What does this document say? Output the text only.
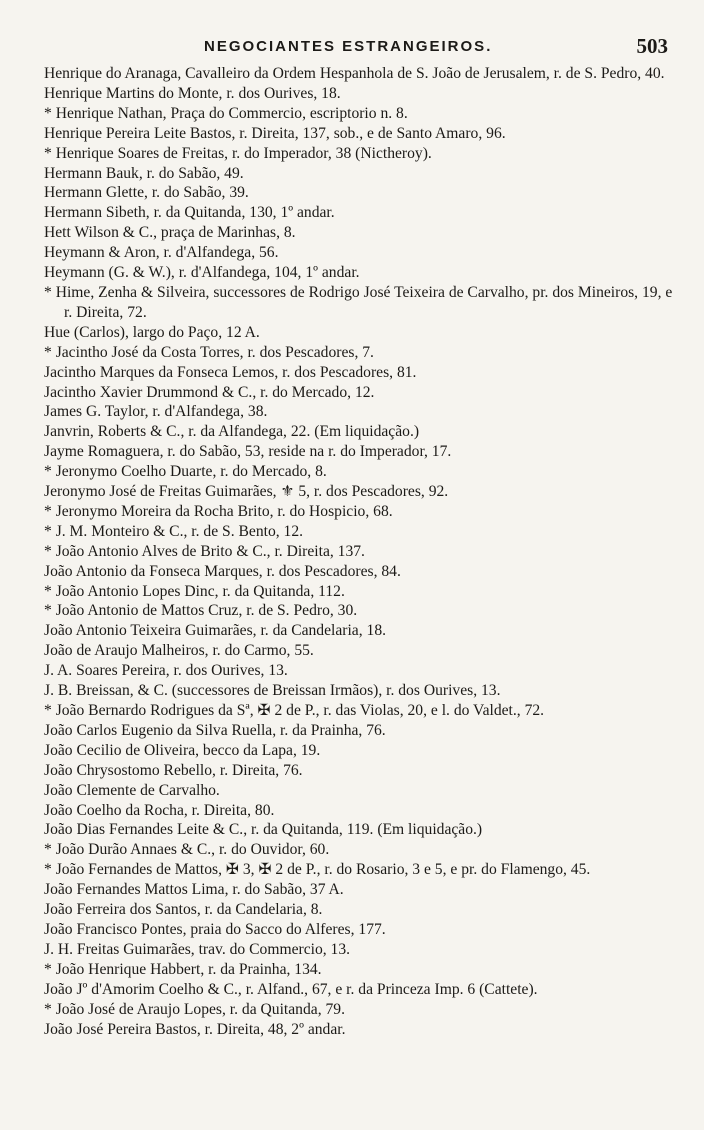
NEGOCIANTES ESTRANGEIROS.	503
Henrique do Aranaga, Cavalleiro da Ordem Hespanhola de S. João de Jerusalem, r. de S. Pedro, 40.
Henrique Martins do Monte, r. dos Ourives, 18.
* Henrique Nathan, Praça do Commercio, escriptorio n. 8.
Henrique Pereira Leite Bastos, r. Direita, 137, sob., e de Santo Amaro, 96.
* Henrique Soares de Freitas, r. do Imperador, 38 (Nictheroy).
Hermann Bauk, r. do Sabão, 49.
Hermann Glette, r. do Sabão, 39.
Hermann Sibeth, r. da Quitanda, 130, 1º andar.
Hett Wilson & C., praça de Marinhas, 8.
Heymann & Aron, r. d'Alfandega, 56.
Heymann (G. & W.), r. d'Alfandega, 104, 1º andar.
* Hime, Zenha & Silveira, successores de Rodrigo José Teixeira de Carvalho, pr. dos Mineiros, 19, e r. Direita, 72.
Hue (Carlos), largo do Paço, 12 A.
* Jacintho José da Costa Torres, r. dos Pescadores, 7.
Jacintho Marques da Fonseca Lemos, r. dos Pescadores, 81.
Jacintho Xavier Drummond & C., r. do Mercado, 12.
James G. Taylor, r. d'Alfandega, 38.
Janvrin, Roberts & C., r. da Alfandega, 22. (Em liquidação.)
Jayme Romaguera, r. do Sabão, 53, reside na r. do Imperador, 17.
* Jeronymo Coelho Duarte, r. do Mercado, 8.
Jeronymo José de Freitas Guimarães, ⚜ 5, r. dos Pescadores, 92.
* Jeronymo Moreira da Rocha Brito, r. do Hospicio, 68.
* J. M. Monteiro & C., r. de S. Bento, 12.
* João Antonio Alves de Brito & C., r. Direita, 137.
João Antonio da Fonseca Marques, r. dos Pescadores, 84.
* João Antonio Lopes Dinc, r. da Quitanda, 112.
* João Antonio de Mattos Cruz, r. de S. Pedro, 30.
João Antonio Teixeira Guimarães, r. da Candelaria, 18.
João de Araujo Malheiros, r. do Carmo, 55.
J. A. Soares Pereira, r. dos Ourives, 13.
J. B. Breissan, & C. (successores de Breissan Irmãos), r. dos Ourives, 13.
* João Bernardo Rodrigues da Sª, ✠ 2 de P., r. das Violas, 20, e l. do Valdet., 72.
João Carlos Eugenio da Silva Ruella, r. da Prainha, 76.
João Cecilio de Oliveira, becco da Lapa, 19.
João Chrysostomo Rebello, r. Direita, 76.
João Clemente de Carvalho.
João Coelho da Rocha, r. Direita, 80.
João Dias Fernandes Leite & C., r. da Quitanda, 119. (Em liquidação.)
* João Durão Annaes & C., r. do Ouvidor, 60.
* João Fernandes de Mattos, ✠ 3, ✠ 2 de P., r. do Rosario, 3 e 5, e pr. do Flamengo, 45.
João Fernandes Mattos Lima, r. do Sabão, 37 A.
João Ferreira dos Santos, r. da Candelaria, 8.
João Francisco Pontes, praia do Sacco do Alferes, 177.
J. H. Freitas Guimarães, trav. do Commercio, 13.
* João Henrique Habbert, r. da Prainha, 134.
João Jº d'Amorim Coelho & C., r. Alfand., 67, e r. da Princeza Imp. 6 (Cattete).
* João José de Araujo Lopes, r. da Quitanda, 79.
João José Pereira Bastos, r. Direita, 48, 2º andar.
